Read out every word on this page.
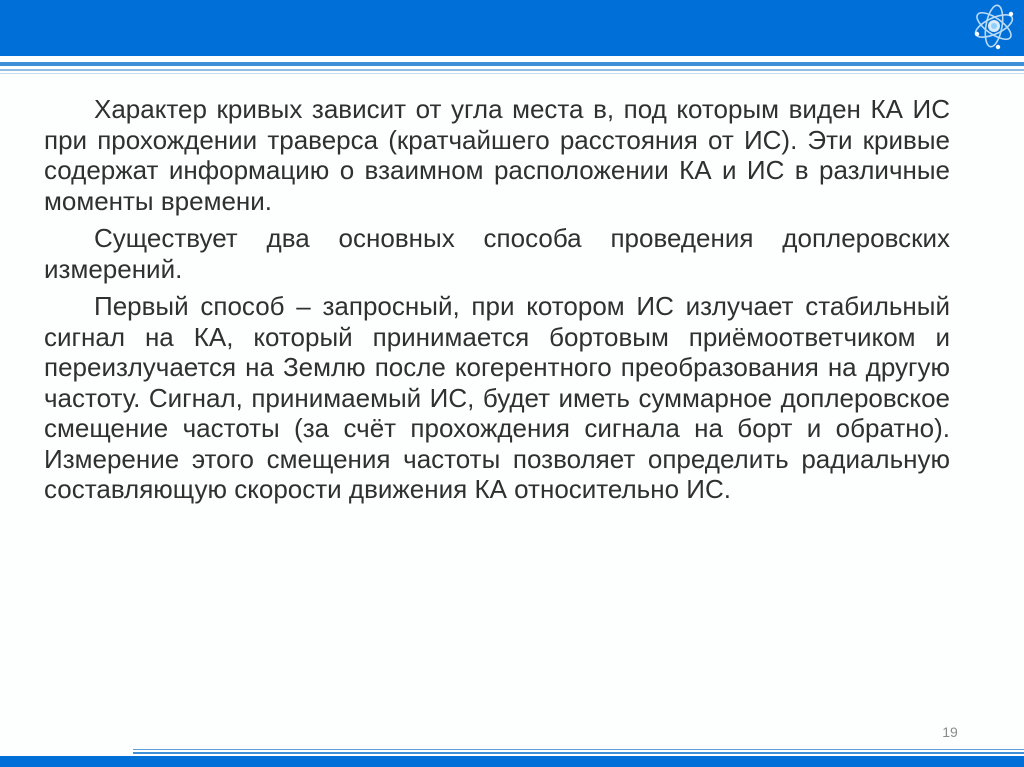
Характер кривых зависит от угла места в, под которым виден КА ИС при прохождении траверса (кратчайшего расстояния от ИС). Эти кривые содержат информацию о взаимном расположении КА и ИС в различные моменты времени.

Существует два основных способа проведения доплеровских измерений.

Первый способ – запросный, при котором ИС излучает стабильный сигнал на КА, который принимается бортовым приёмоответчиком и переизлучается на Землю после когерентного преобразования на другую частоту. Сигнал, принимаемый ИС, будет иметь суммарное доплеровское смещение частоты (за счёт прохождения сигнала на борт и обратно). Измерение этого смещения частоты позволяет определить радиальную составляющую скорости движения КА относительно ИС.

19
